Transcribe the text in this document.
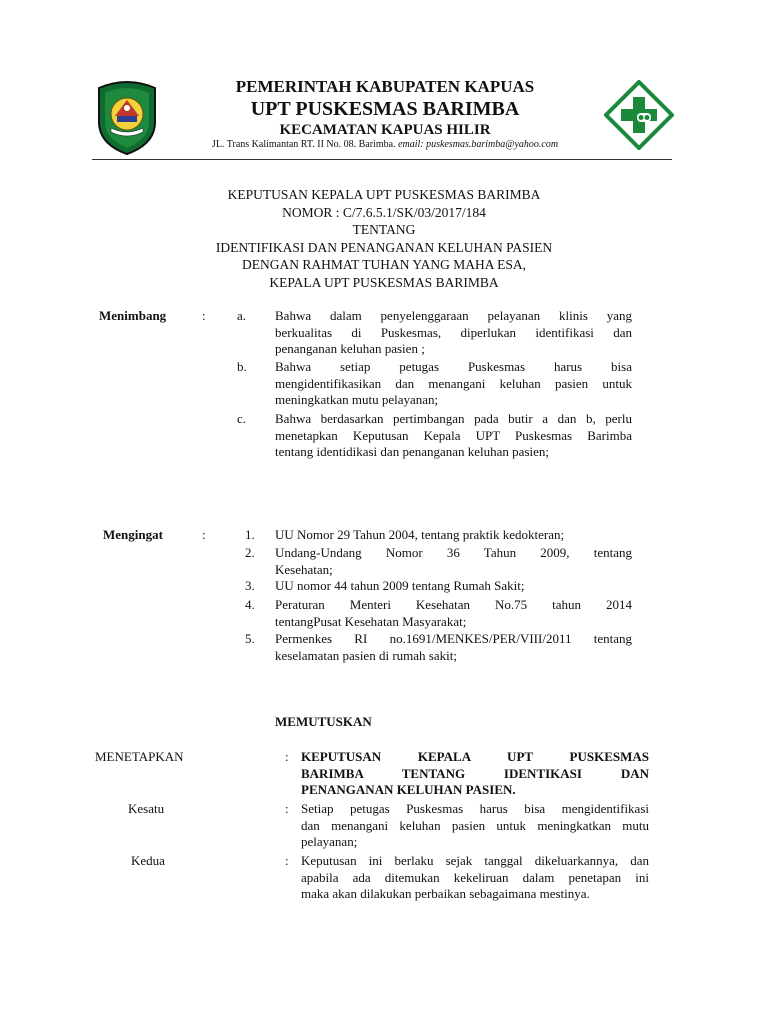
PEMERINTAH KABUPATEN KAPUAS
UPT PUSKESMAS BARIMBA
KECAMATAN KAPUAS HILIR
JL. Trans Kalimantan RT. II No. 08. Barimba. email: puskesmas.barimba@yahoo.com
KEPUTUSAN KEPALA UPT PUSKESMAS BARIMBA
NOMOR : C/7.6.5.1/SK/03/2017/184
TENTANG
IDENTIFIKASI DAN PENANGANAN KELUHAN PASIEN
DENGAN RAHMAT TUHAN YANG MAHA ESA,
KEPALA UPT PUSKESMAS BARIMBA
Menimbang	: a. Bahwa dalam penyelenggaraan pelayanan klinis yang
berkualitas di Puskesmas, diperlukan identifikasi dan
penanganan keluhan pasien ;
b. Bahwa setiap petugas Puskesmas harus bisa
mengidentifikasikan dan menangani keluhan pasien untuk
meningkatkan mutu pelayanan;
c. Bahwa berdasarkan pertimbangan pada butir a dan b, perlu
menetapkan Keputusan Kepala UPT Puskesmas Barimba
tentang identidikasi dan penanganan keluhan pasien;
Mengingat	:	1. UU Nomor 29 Tahun 2004, tentang praktik kedokteran;
2. Undang-Undang Nomor 36 Tahun 2009, tentang
Kesehatan;
3. UU nomor 44 tahun 2009 tentang Rumah Sakit;
4. Peraturan Menteri Kesehatan No.75 tahun 2014
tentangPusat Kesehatan Masyarakat;
5. Permenkes RI no.1691/MENKES/PER/VIII/2011 tentang
keselamatan pasien di rumah sakit;
MEMUTUSKAN
MENETAPKAN	: KEPUTUSAN KEPALA UPT PUSKESMAS
BARIMBA TENTANG IDENTIKASI DAN
PENANGANAN KELUHAN PASIEN.
Kesatu	: Setiap petugas Puskesmas harus bisa mengidentifikasi
dan menangani keluhan pasien untuk meningkatkan mutu
pelayanan;
Kedua	: Keputusan ini berlaku sejak tanggal dikeluarkannya, dan
apabila ada ditemukan kekeliruan dalam penetapan ini
maka akan dilakukan perbaikan sebagaimana mestinya.
